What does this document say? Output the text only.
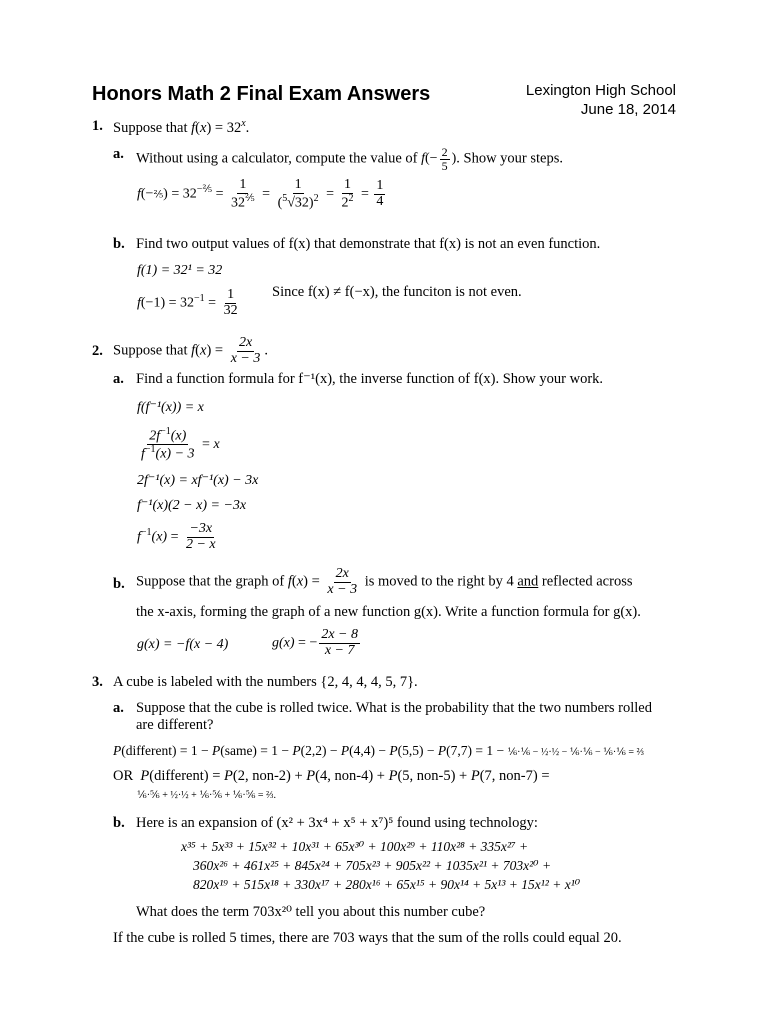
Honors Math 2 Final Exam Answers	Lexington High School
June 18, 2014
1. Suppose that $f(x) = 32^x$.
a. Without using a calculator, compute the value of $f(- \frac{2}{5}$ ). Show your steps.
f(−⅖) = $32^{-\frac{2}{5}} = \frac{1}{32^{\frac{2}{5}}} = \frac{1}{(^5√32)^2} = \frac{1}{2^2} = \frac{1}{4}$
b. Find two output values of f(x) that demonstrate that f(x) is not an even function.
f(1) = 32¹ = 32
$f(-1) = 32^{-1} = \frac{1}{32}$ Since f(x) ≠ f(−x), the funciton is not even.
2. Suppose that $f(x) = \frac{2x}{x - 3}$ .
a. Find a function formula for f⁻¹(x), the inverse function of f(x). Show your work.
f(f⁻¹(x)) = x
$\frac{2f^{-1}(x)}{f^{-1}(x) - 3} = x$
2f⁻¹(x) = xf⁻¹(x) − 3x
f⁻¹(x)(2 − x) = −3x
$f^{-1}(x) = \frac{-3x}{2 - x}$
b. Suppose that the graph of $f(x) = \frac{2x}{x - 3}$ is moved to the right by 4 and reflected across
the x-axis, forming the graph of a new function g(x). Write a function formula for g(x).
g(x) = −f(x − 4)	g(x) = − $\frac{2x - 8}{x - 7}$
3. A cube is labeled with the numbers {2, 4, 4, 4, 5, 7}.
a. Suppose that the cube is rolled twice. What is the probability that the two numbers rolled
are different?
P(different) = 1 − P(same) = 1 − P(2,2) − P(4,4) − P(5,5) − P(7,7) = 1 − ⅙·⅙ − ½·½ − ⅙·⅙ − ⅙·⅙ = ⅔
OR  P(different) = P(2, non-2) + P(4, non-4) + P(5, non-5) + P(7, non-7) =
⅙·⅚ + ½·½ + ⅙·⅚ + ⅙·⅚ = ⅔.
b. Here is an expansion of (x² + 3x⁴ + x⁵ + x⁷)⁵ found using technology:
x³⁵ + 5x³³ + 15x³² + 10x³¹ + 65x³⁰ + 100x²⁹ + 110x²⁸ + 335x²⁷ +
360x²⁶ + 461x²⁵ + 845x²⁴ + 705x²³ + 905x²² + 1035x²¹ + 703x²⁰ +
820x¹⁹ + 515x¹⁸ + 330x¹⁷ + 280x¹⁶ + 65x¹⁵ + 90x¹⁴ + 5x¹³ + 15x¹² + x¹⁰
What does the term 703x²⁰ tell you about this number cube?
If the cube is rolled 5 times, there are 703 ways that the sum of the rolls could equal 20.
